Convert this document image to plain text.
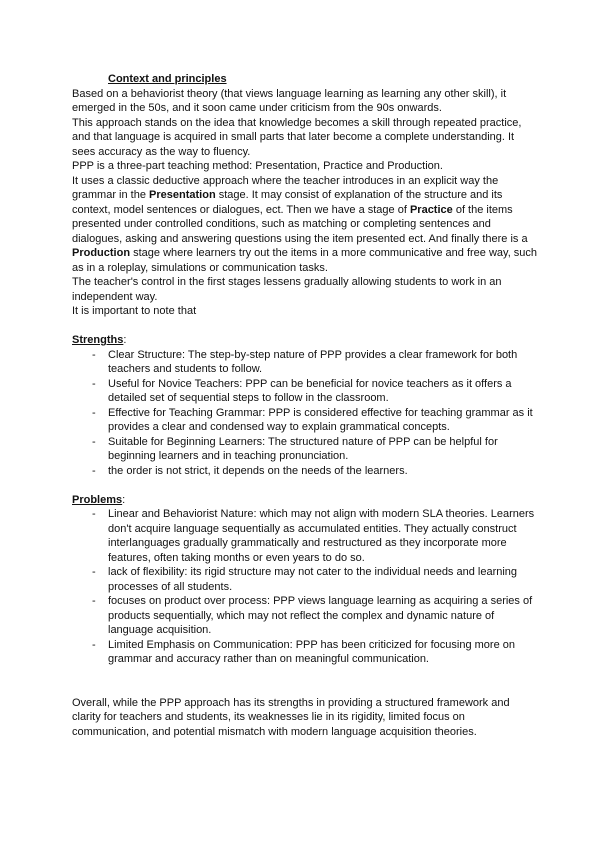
Context and principles

Based on a behaviorist theory (that views language learning as learning any other skill), it emerged in the 50s, and it soon came under criticism from the 90s onwards.

This approach stands on the idea that knowledge becomes a skill through repeated practice, and that language is acquired in small parts that later become a complete understanding. It sees accuracy as the way to fluency.

PPP is a three-part teaching method: Presentation, Practice and Production.

It uses a classic deductive approach where the teacher introduces in an explicit way the grammar in the Presentation stage. It may consist of explanation of the structure and its context, model sentences or dialogues, ect. Then we have a stage of Practice of the items presented under controlled conditions, such as matching or completing sentences and dialogues, asking and answering questions using the item presented ect. And finally there is a Production stage where learners try out the items in a more communicative and free way, such as in a roleplay, simulations or communication tasks.

The teacher's control in the first stages lessens gradually allowing students to work in an independent way.

It is important to note that

Strengths:

- Clear Structure: The step-by-step nature of PPP provides a clear framework for both teachers and students to follow.
- Useful for Novice Teachers: PPP can be beneficial for novice teachers as it offers a detailed set of sequential steps to follow in the classroom.
- Effective for Teaching Grammar: PPP is considered effective for teaching grammar as it provides a clear and condensed way to explain grammatical concepts.
- Suitable for Beginning Learners: The structured nature of PPP can be helpful for beginning learners and in teaching pronunciation.
- the order is not strict, it depends on the needs of the learners.

Problems:

- Linear and Behaviorist Nature: which may not align with modern SLA theories. Learners don't acquire language sequentially as accumulated entities. They actually construct interlanguages gradually grammatically and restructured as they incorporate more features, often taking months or even years to do so.
- lack of flexibility: its rigid structure may not cater to the individual needs and learning processes of all students.
- focuses on product over process: PPP views language learning as acquiring a series of products sequentially, which may not reflect the complex and dynamic nature of language acquisition.
- Limited Emphasis on Communication: PPP has been criticized for focusing more on grammar and accuracy rather than on meaningful communication.

Overall, while the PPP approach has its strengths in providing a structured framework and clarity for teachers and students, its weaknesses lie in its rigidity, limited focus on communication, and potential mismatch with modern language acquisition theories.
